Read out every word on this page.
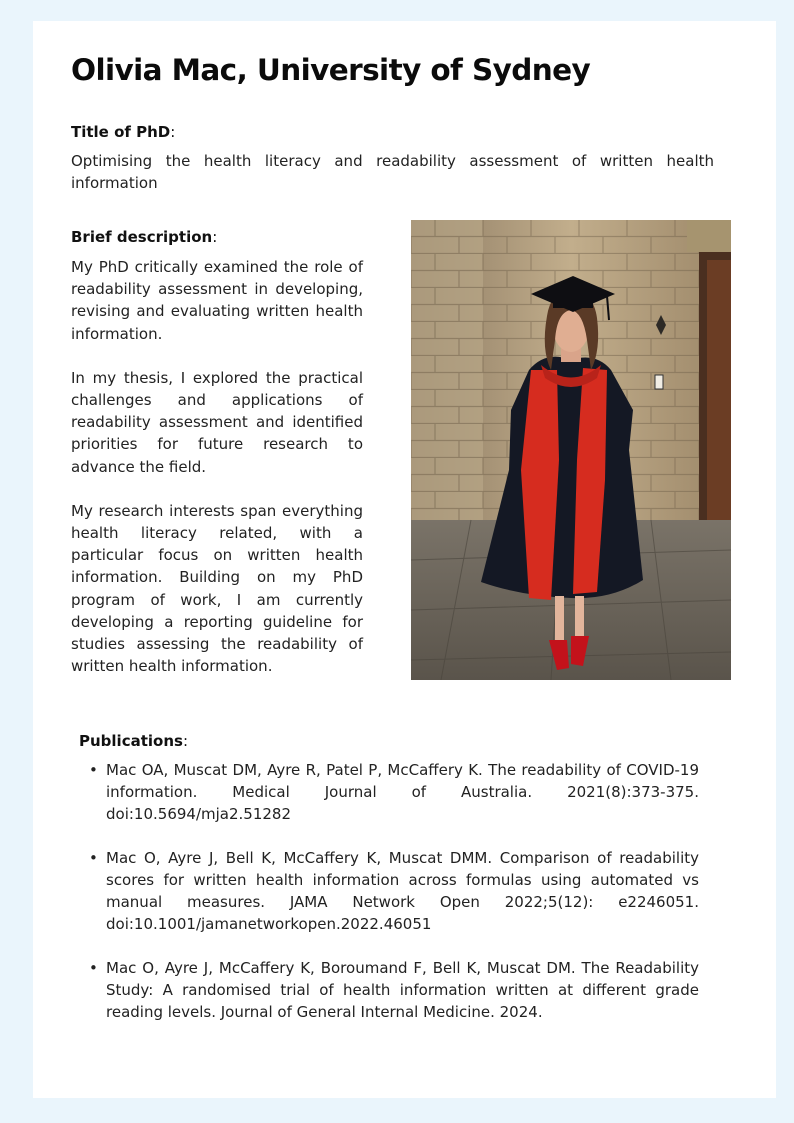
Olivia Mac, University of Sydney

Title of PhD:

Optimising the health literacy and readability assessment of written health information

Brief description:

My PhD critically examined the role of readability assessment in developing, revising and evaluating written health information.

In my thesis, I explored the practical challenges and applications of readability assessment and identified priorities for future research to advance the field.

My research interests span everything health literacy related, with a particular focus on written health information. Building on my PhD program of work, I am currently developing a reporting guideline for studies assessing the readability of written health information.

Publications:

• Mac OA, Muscat DM, Ayre R, Patel P, McCaffery K. The readability of COVID-19 information. Medical Journal of Australia. 2021(8):373-375. doi:10.5694/mja2.51282
• Mac O, Ayre J, Bell K, McCaffery K, Muscat DMM. Comparison of readability scores for written health information across formulas using automated vs manual measures. JAMA Network Open 2022;5(12): e2246051. doi:10.1001/jamanetworkopen.2022.46051
• Mac O, Ayre J, McCaffery K, Boroumand F, Bell K, Muscat DM. The Readability Study: A randomised trial of health information written at different grade reading levels. Journal of General Internal Medicine. 2024.
